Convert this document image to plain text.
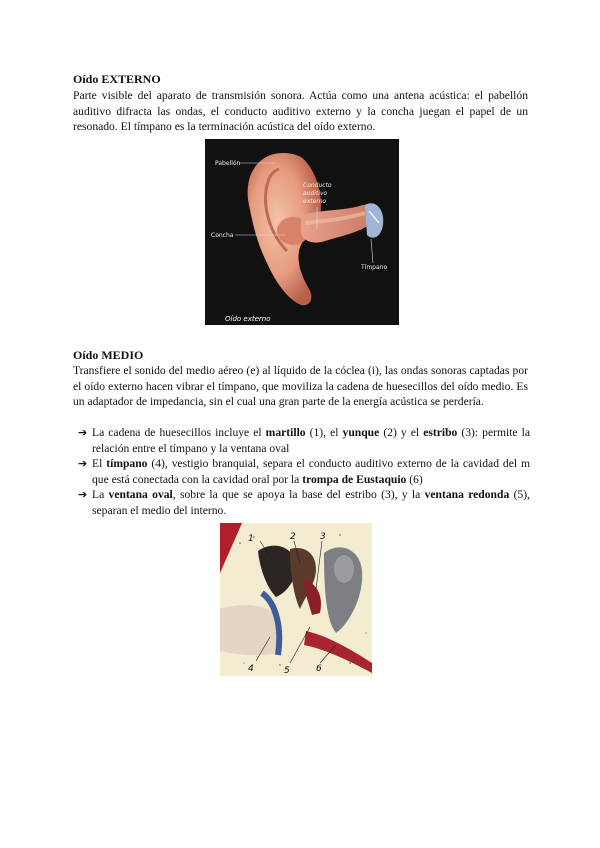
Oído EXTERNO
Parte visible del aparato de transmisión sonora. Actúa como una antena acústica: el pabellón auditivo difracta las ondas, el conducto auditivo externo y la concha juegan el papel de un resonado. El tímpano es la terminación acústica del oído externo.
Pabellón
Conducto
auditivo
externo
Concha
Tímpano
Oído externo
Oído MEDIO
Transfiere el sonido del medio aéreo (e) al líquido de la cóclea (i), las ondas sonoras captadas por el oído externo hacen vibrar el tímpano, que moviliza la cadena de huesecillos del oído medio. Es un adaptador de impedancia, sin el cual una gran parte de la energía acústica se perdería.
➔ La cadena de huesecillos incluye el martillo (1), el yunque (2) y el estribo (3): permite la relación entre el tímpano y la ventana oval
➔ El tímpano (4), vestigio branquial, separa el conducto auditivo externo de la cavidad del m que está conectada con la cavidad oral por la trompa de Eustaquio (6)
➔ La ventana oval, sobre la que se apoya la base del estribo (3), y la ventana redonda (5), separan el medio del interno.
1	2	3
4	5	6
